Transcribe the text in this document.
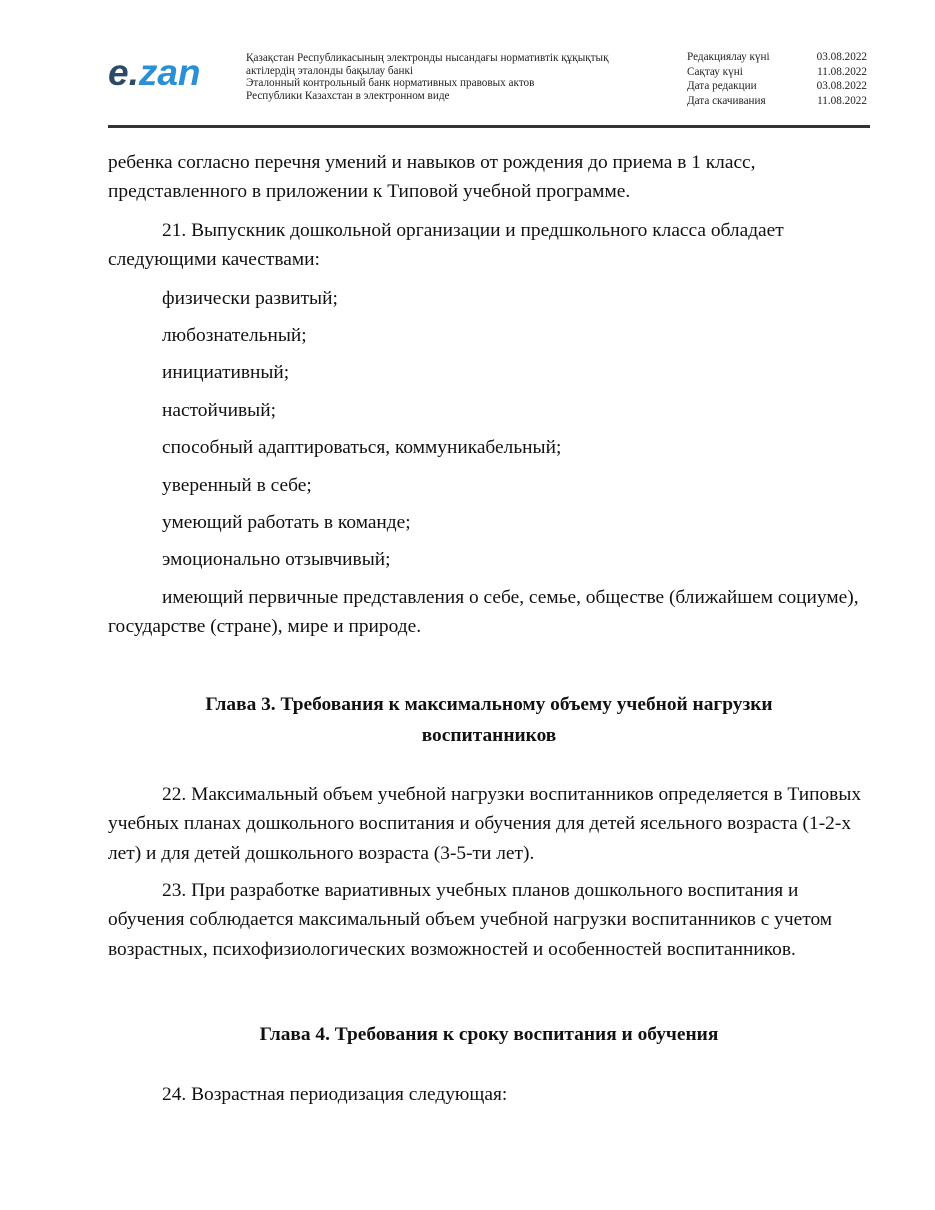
e.zan	Қазақстан Республикасының электронды нысандағы нормативтік құқықтық
актілердің эталонды бақылау банкі
Эталонный контрольный банк нормативных правовых актов
Республики Казахстан в электронном виде
Редакциялау күні	03.08.2022
Сақтау күні	11.08.2022
Дата редакции	03.08.2022
Дата скачивания	11.08.2022

ребенка согласно перечня умений и навыков от рождения до приема в 1 класс, представленного в приложении к Типовой учебной программе.

21. Выпускник дошкольной организации и предшкольного класса обладает следующими качествами:

физически развитый;

любознательный;

инициативный;

настойчивый;

способный адаптироваться, коммуникабельный;

уверенный в себе;

умеющий работать в команде;

эмоционально отзывчивый;

имеющий первичные представления о себе, семье, обществе (ближайшем социуме), государстве (стране), мире и природе.

Глава 3. Требования к максимальному объему учебной нагрузки
воспитанников

22. Максимальный объем учебной нагрузки воспитанников определяется в Типовых учебных планах дошкольного воспитания и обучения для детей ясельного возраста (1-2-х лет) и для детей дошкольного возраста (3-5-ти лет).

23. При разработке вариативных учебных планов дошкольного воспитания и обучения соблюдается максимальный объем учебной нагрузки воспитанников с учетом возрастных, психофизиологических возможностей и особенностей воспитанников.

Глава 4. Требования к сроку воспитания и обучения

24. Возрастная периодизация следующая:
